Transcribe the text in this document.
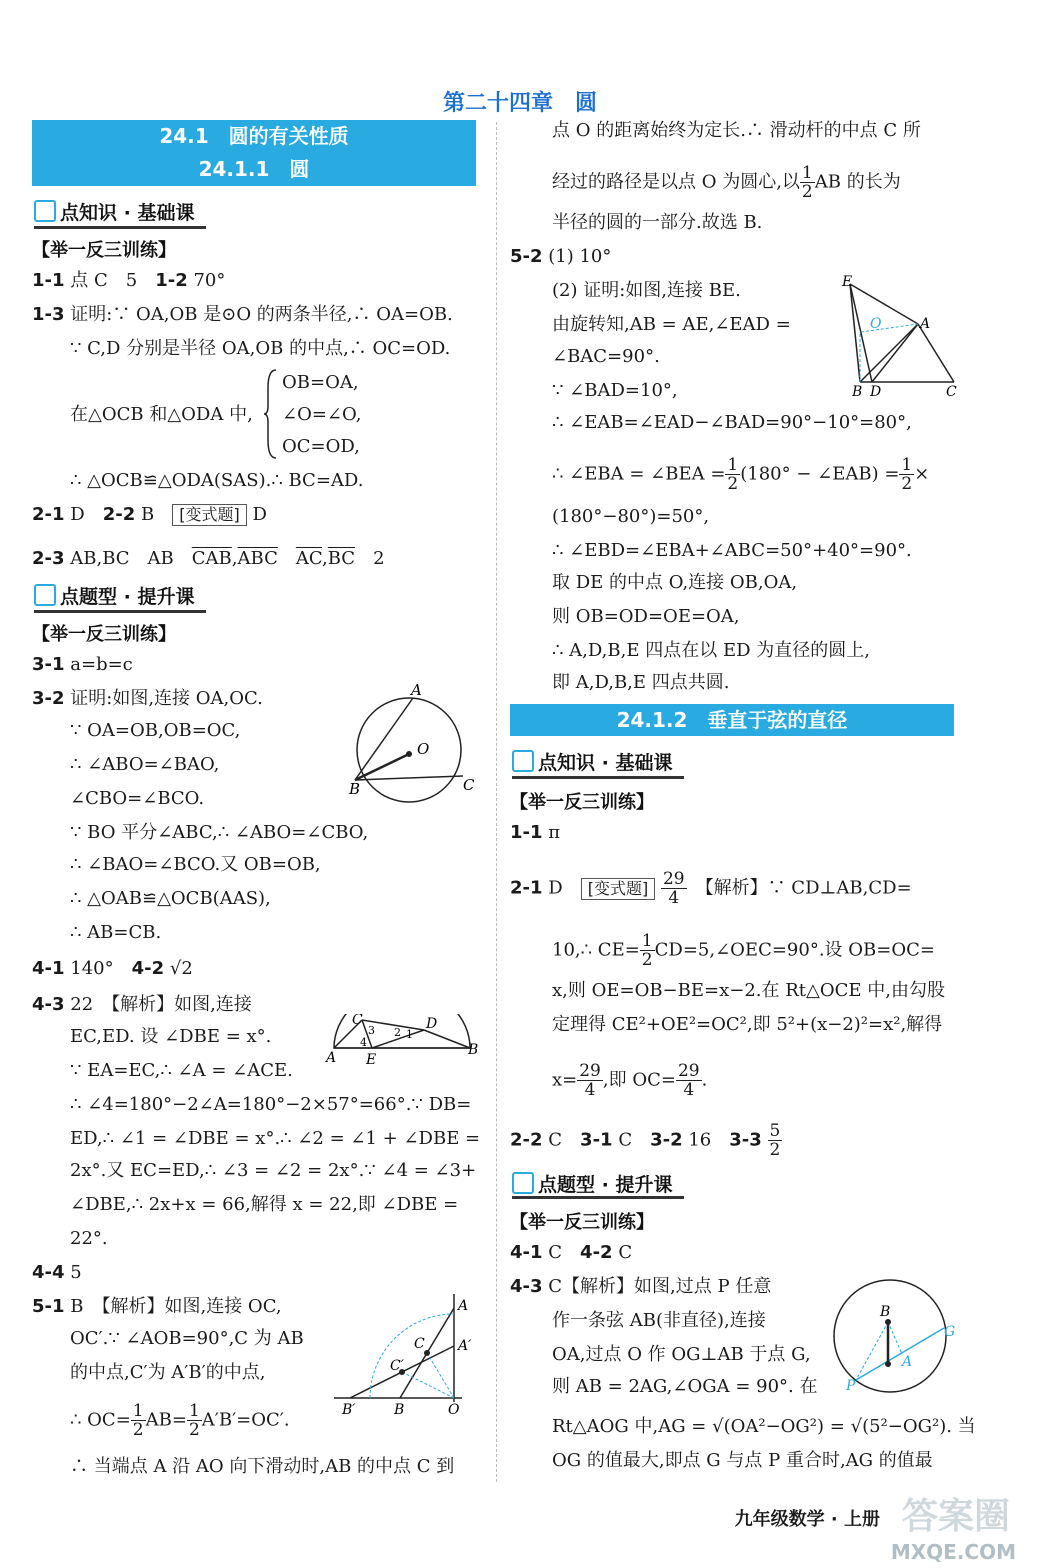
第二十四章　圆
24.1　圆的有关性质
24.1.1　圆
点知识 · 基础课
【举一反三训练】
1-1 点 C　5　 1-2 70°
1-3 证明:∵ OA,OB 是⊙O 的两条半径,∴ OA=OB.
∵ C,D 分别是半径 OA,OB 的中点,∴ OC=OD.
OB=OA,
在△OCB 和△ODA 中, ∠O=∠O,
OC=OD,
∴ △OCB≌△ODA(SAS).∴ BC=AD.
2-1 D　 2-2 B　 [变式题] D
2-3 AB,BC　AB　$\overline{CAB},\overline{ABC}$　 $\overline{AC},\overline{BC}$　 2
点题型 · 提升课
【举一反三训练】
3-1 a=b=c
3-2 证明:如图,连接 OA,OC.
∵ OA=OB,OB=OC,
∴ ∠ABO=∠BAO,
∠CBO=∠BCO.
∵ BO 平分∠ABC,∴ ∠ABO=∠CBO,
∴ ∠BAO=∠BCO.又 OB=OB,
∴ △OAB≌△OCB(AAS),
∴ AB=CB.
A
O
B	C
4-1 140°　 4-2 √2
4-3 22　【解析】如图,连接
EC,ED. 设 ∠DBE = x°.
∵ EA=EC,∴ ∠A = ∠ACE.
∴ ∠4=180°−2∠A=180°−2×57°=66°.∵ DB=
ED,∴ ∠1 = ∠DBE = x°.∴ ∠2 = ∠1 + ∠DBE =
2x°.又 EC=ED,∴ ∠3 = ∠2 = 2x°.∵ ∠4 = ∠3+
∠DBE,∴ 2x+x = 66,解得 x = 22,即 ∠DBE =
22°.
C	D
E
A	B
1
2
3
4
4-4 5
5-1 B　【解析】如图,连接 OC,
OC′.∵ ∠AOB=90°,C 为 AB
的中点,C′为 A′B′的中点,
∴ $OC= \frac{1}{2} AB= \frac{1}{2} A'B'=OC'$.
∴ 当端点 A 沿 AO 向下滑动时,AB 的中点 C 到
A
A′
C
C′
B′	B	O
点 O 的距离始终为定长.∴ 滑动杆的中点 C 所
经过的路径是以点 O 为圆心,以 $\frac{1}{2}$ AB 的长为
半径的圆的一部分.故选 B.
5-2 (1) 10°
(2) 证明:如图,连接 BE.
由旋转知,AB = AE,∠EAD =
∠BAC=90°.
∵ ∠BAD=10°,
∴ ∠EAB=∠EAD−∠BAD=90°−10°=80°,
∴ ∠EBA = ∠BEA = $\frac{1}{2} (180^\circ$ − ∠EAB) = $\frac{1}{2}$ ×
(180°−80°)=50°,
∴ ∠EBD=∠EBA+∠ABC=50°+40°=90°.
取 DE 的中点 O,连接 OB,OA,
则 OB=OD=OE=OA,
∴ A,D,B,E 四点在以 ED 为直径的圆上,
即 A,D,B,E 四点共圆.
E
O	A
B D	C
24.1.2　垂直于弦的直径
点知识 · 基础课
【举一反三训练】
1-1 π
2-1 D　 [变式题] $\frac{29}{4}$
　 【解析】∵ CD⊥AB,CD=
10,∴ $CE= \frac{1}{2}$ CD=5,∠OEC=90°.设 OB=OC=
x,则 OE=OB−BE=x−2.在 Rt△OCE 中,由勾股
定理得 CE²+OE²=OC²,即 5²+(x−2)²=x²,解得
$x= \frac{29}{4}$ ,即 $OC= \frac{29}{4}$ .
2-2 C　 3-1 C　 3-2 16　 $3-3 \frac{5}{2}$
点题型 · 提升课
【举一反三训练】
4-1 C　 4-2 C
4-3 C【解析】如图,过点 P 任意
作一条弦 AB(非直径),连接
OA,过点 O 作 OG⊥AB 于点 G,
则 AB = 2AG,∠OGA = 90°. 在
Rt△AOG 中,AG = √(OA²−OG²) = √(5²−OG²). 当
OG 的值最大,即点 G 与点 P 重合时,AG 的值最
B
G
A
P
九年级数学 · 上册 答案圈
MXQE.COM
